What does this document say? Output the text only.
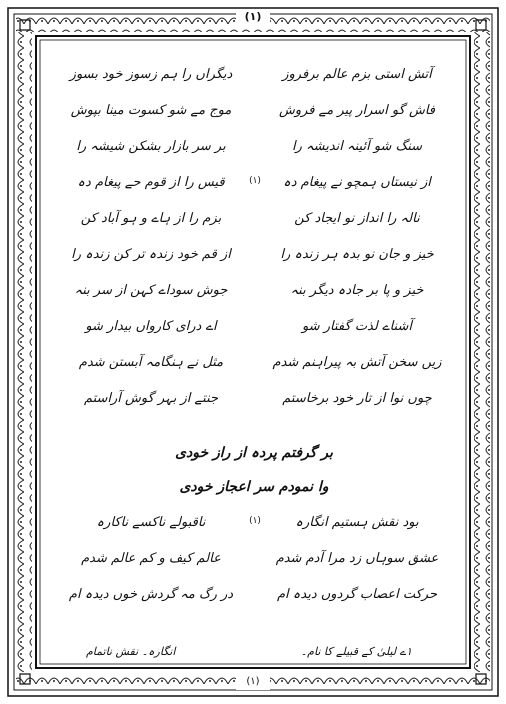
(۱)
آتش استی بزم عالم برفروز
دیگراں را ہم زسوز خود بسوز
فاش گو اسرار پیر مے فروش
موج مے شو کسوت مینا بپوش
سنگ شو آئینہ اندیشہ را
بر سر بازار بشکن شیشہ را
از نیستاں ہمچو نے پیغام دہ
(۱)
قیس را از قوم حے پیغام دہ
نالہ را انداز نو ایجاد کن
بزم را از ہاے و ہو آباد کن
خیز و جان نو بدہ ہر زندہ را
از قم خود زندہ تر کن زندہ را
خیز و پا بر جادہ دیگر بنہ
جوش سوداے کہن از سر بنہ
آشناے لذت گفتار شو
اے درای کارواں بیدار شو
زیں سخن آتش بہ پیراہنم شدم
مثل نے ہنگامہ آبستن شدم
چوں نوا از تار خود برخاستم
جنتے از بہر گوش آراستم
بر گرفتم پردہ از راز خودی
وا نمودم سر اعجاز خودی
بود نقش ہستیم انگارہ
(۱)
ناقبولے ناکسے ناکارہ
عشق سوہاں زد مرا آدم شدم
عالم کیف و کم عالم شدم
حرکت اعصاب گردوں دیدہ ام
در رگ مہ گردش خوں دیدہ ام
۱ے لیلیٰ کے قبیلے کا نام۔
انگارہ۔ نقش ناتمام
(۱)
